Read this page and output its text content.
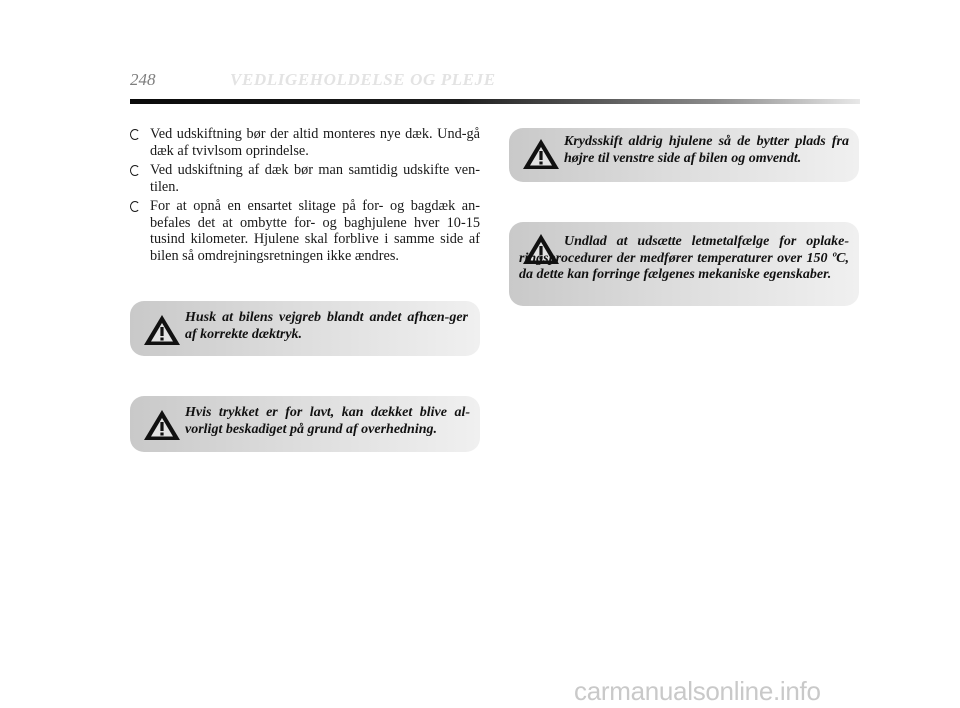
248	VEDLIGEHOLDELSE OG PLEJE
Ved udskiftning bør der altid monteres nye dæk. Und-gå dæk af tvivlsom oprindelse.
Ved udskiftning af dæk bør man samtidig udskifte ven-tilen.
For at opnå en ensartet slitage på for- og bagdæk an-befales det at ombytte for- og baghjulene hver 10-15 tusind kilometer. Hjulene skal forblive i samme side af bilen så omdrejningsretningen ikke ændres.
Husk at bilens vejgreb blandt andet afhæn-ger af korrekte dæktryk.
Hvis trykket er for lavt, kan dækket blive al-vorligt beskadiget på grund af overhedning.
Krydsskift aldrig hjulene så de bytter plads fra højre til venstre side af bilen og omvendt.
Undlad at udsætte letmetalfælge for oplake-ringsprocedurer der medfører temperaturer over 150 ºC, da dette kan forringe fælgenes mekaniske egenskaber.
carmanualsonline.info
